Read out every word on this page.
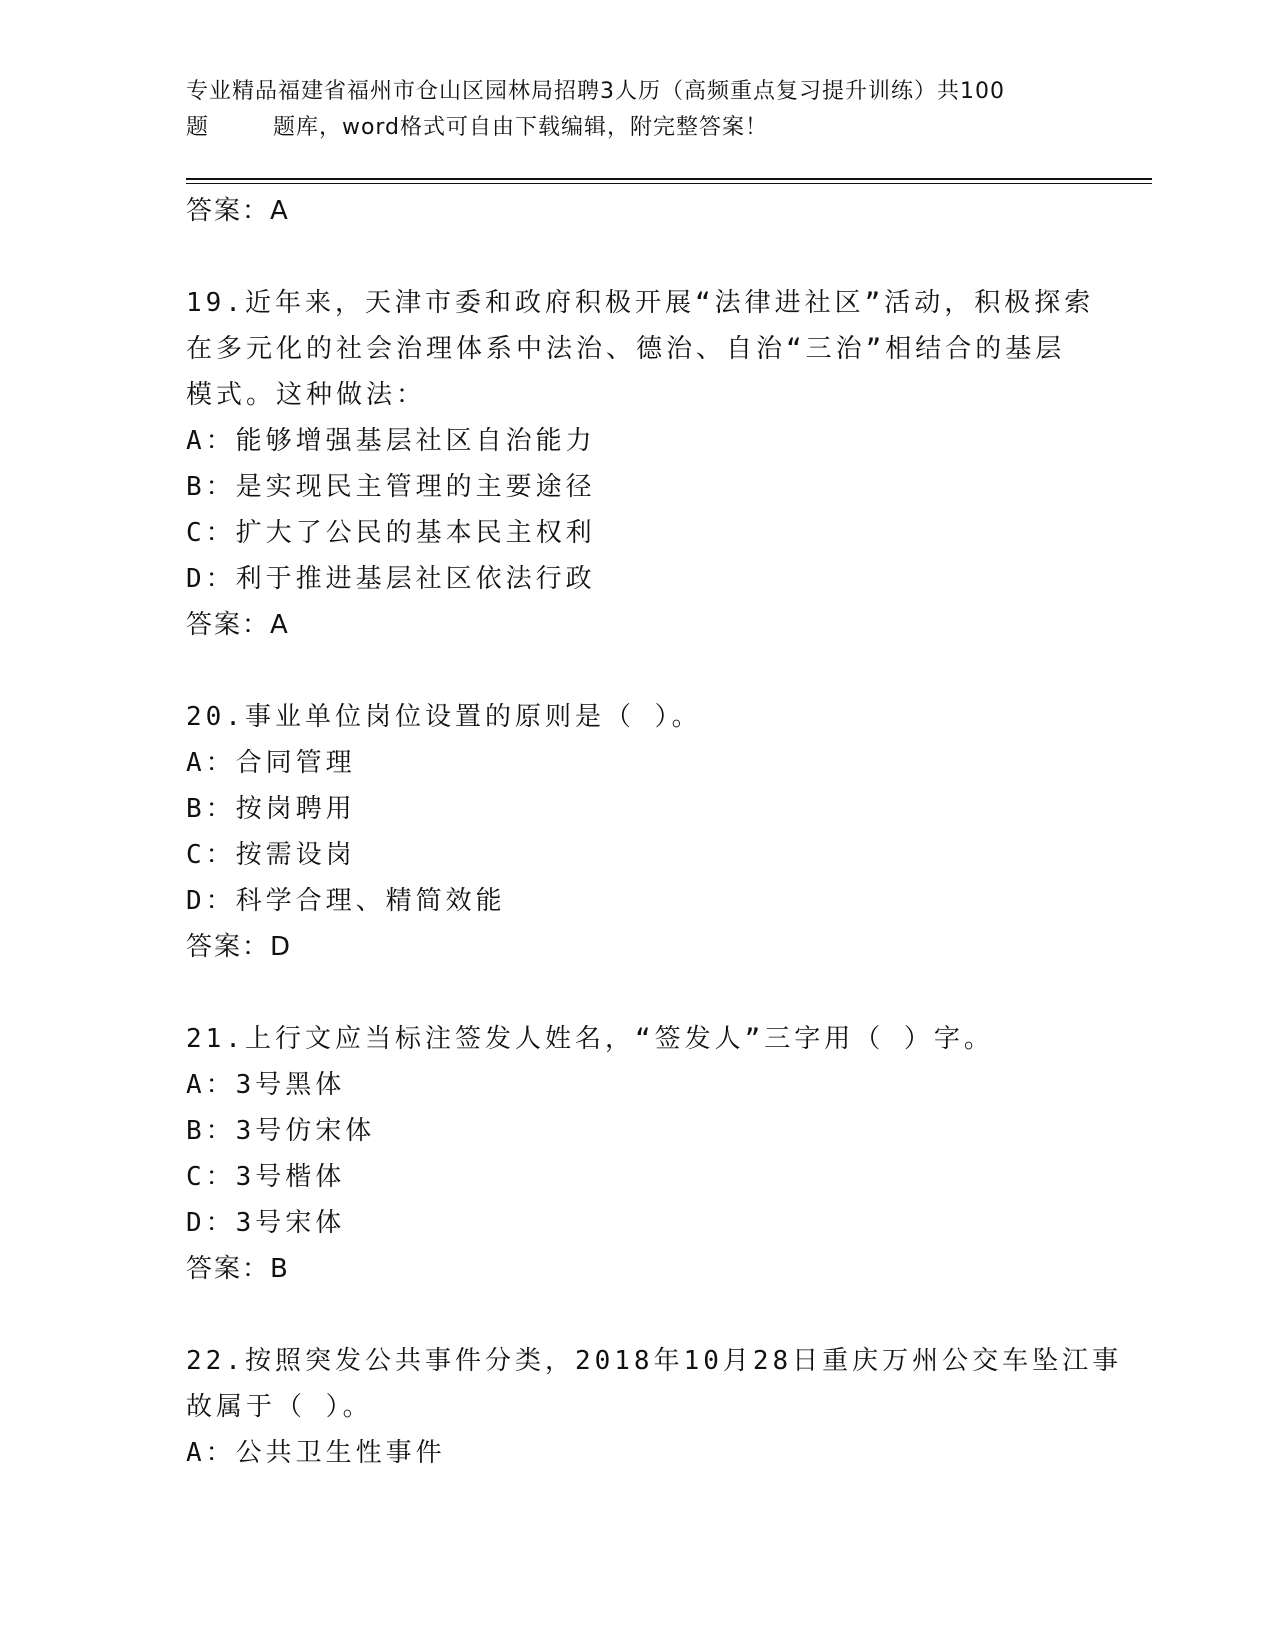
专业精品福建省福州市仓山区园林局招聘3人历（高频重点复习提升训练）共100
题        题库，word格式可自由下载编辑，附完整答案！
答案：A
19.近年来，天津市委和政府积极开展“法律进社区”活动，积极探索
在多元化的社会治理体系中法治、德治、自治“三治”相结合的基层
模式。这种做法：
A：能够增强基层社区自治能力
B：是实现民主管理的主要途径
C：扩大了公民的基本民主权利
D：利于推进基层社区依法行政
答案：A
20.事业单位岗位设置的原则是（ ）。
A：合同管理
B：按岗聘用
C：按需设岗
D：科学合理、精简效能
答案：D
21.上行文应当标注签发人姓名，“签发人”三字用（ ）字。
A：3号黑体
B：3号仿宋体
C：3号楷体
D：3号宋体
答案：B
22.按照突发公共事件分类，2018年10月28日重庆万州公交车坠江事
故属于（ ）。
A：公共卫生性事件
